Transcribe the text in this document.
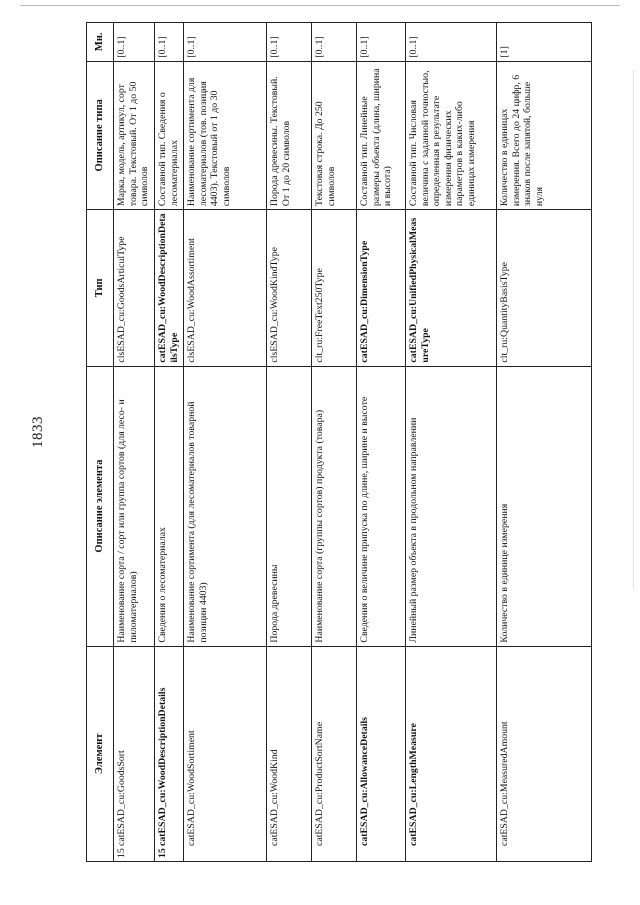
1833
Элемент	Описание элемента	Тип	Описание типа	Мн.
15catESAD_cu:GoodsSort	Наименование сорта / сорт или группа сортов (для лесо- и пиломатериалов)	clsESAD_cu:GoodsArticulType	Марка, модель, артикул, сорт товара. Текстовый. От 1 до 50 символов	[0..1]
15catESAD_cu:WoodDescriptionDetails	Сведения о лесоматериалах	catESAD_cu:WoodDescriptionDetailsType	Составной тип. Сведения о лесоматериалах	[0..1]
catESAD_cu:WoodSortiment	Наименование сортимента (для лесоматериалов товарной позиции 4403)	clsESAD_cu:WoodAssortiment	Наименование сортимента для лесоматериалов (тов. позиция 4403). Текстовый от 1 до 30 символов	[0..1]
catESAD_cu:WoodKind	Порода древесины	clsESAD_cu:WoodKindType	Порода древесины. Текстовый. От 1 до 20 символов	[0..1]
catESAD_cu:ProductSortName	Наименование сорта (группы сортов) продукта (товара)	clt_ru:FreeText250Type	Текстовая строка. До 250 символов	[0..1]
catESAD_cu:AllowanceDetails	Сведения о величине припуска по длине, ширине и высоте	catESAD_cu:DimensionType	Составной тип. Линейные размеры объекта (длина, ширина и высота)	[0..1]
catESAD_cu:LengthMeasure	Линейный размер объекта в продольном направлении	catESAD_cu:UnifiedPhysicalMeasureType	Составной тип. Числовая величина с заданной точностью, определенная в результате измерения физических параметров в каких-либо единицах измерения	[0..1]
catESAD_cu:MeasuredAmount	Количество в единице измерения	clt_ru:QuantityBasisType	Количество в единицах измерения. Всего до 24 цифр, 6 знаков после запятой, больше нуля	[1]
